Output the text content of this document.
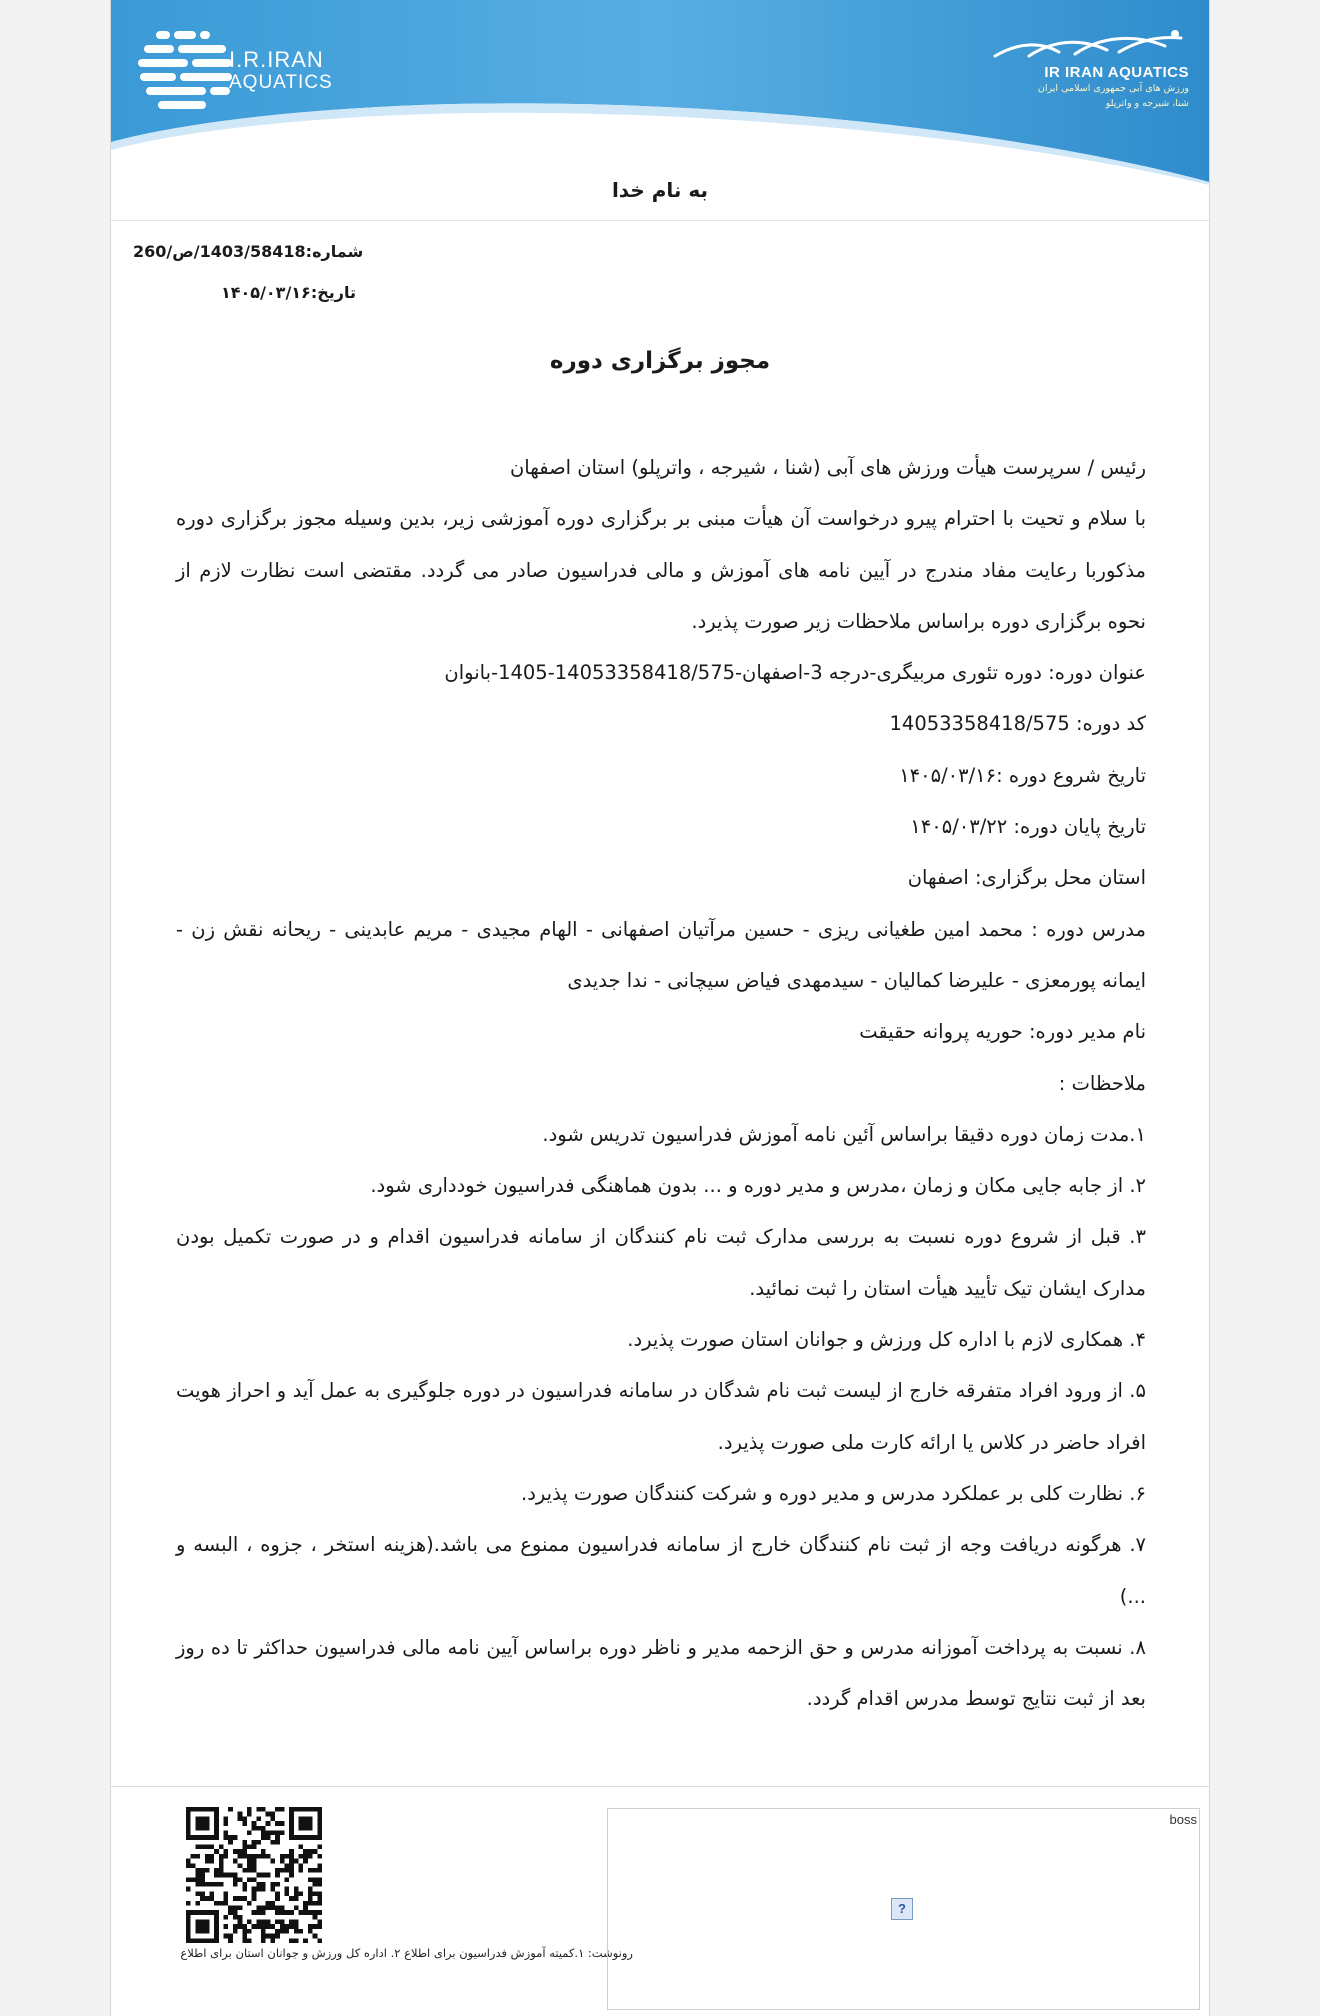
I.R.IRAN
AQUATICS	IR IRAN AQUATICS
ورزش های آبی جمهوری اسلامی ایران
شنا، شیرجه و واترپلو
به نام خدا
شماره:1403/58418/ص/260
تاریخ:۱۴۰۵/۰۳/۱۶
مجوز برگزاری دوره

رئیس / سرپرست هیأت ورزش های آبی (شنا ، شیرجه ، واترپلو) استان اصفهان

با سلام و تحیت با احترام پیرو درخواست آن هیأت مبنی بر برگزاری دوره آموزشی زیر، بدین وسیله مجوز برگزاری دوره مذکوربا رعایت مفاد مندرج در آیین نامه های آموزش و مالی فدراسیون صادر می گردد. مقتضی است نظارت لازم از نحوه برگزاری دوره براساس ملاحظات زیر صورت پذیرد.

عنوان دوره: دوره تئوری مربیگری-درجه 3-اصفهان-14053358418/575-1405-بانوان

کد دوره: 14053358418/575

تاریخ شروع دوره :۱۴۰۵/۰۳/۱۶

تاریخ پایان دوره: ۱۴۰۵/۰۳/۲۲

استان محل برگزاری: اصفهان

مدرس دوره : محمد امین طغیانی ریزی - حسین مرآتیان اصفهانی - الهام مجیدی - مریم عابدینی - ریحانه نقش زن - ایمانه پورمعزی - علیرضا کمالیان - سیدمهدی فیاض سیچانی - ندا جدیدی

نام مدیر دوره: حوریه پروانه حقیقت

ملاحظات :

۱.مدت زمان دوره دقیقا براساس آئین نامه آموزش فدراسیون تدریس شود.

۲. از جابه جایی مکان و زمان ،مدرس و مدیر دوره و ... بدون هماهنگی فدراسیون خودداری شود.

۳. قبل از شروع دوره نسبت به بررسی مدارک ثبت نام کنندگان از سامانه فدراسیون اقدام و در صورت تکمیل بودن مدارک ایشان تیک تأیید هیأت استان را ثبت نمائید.

۴. همکاری لازم با اداره کل ورزش و جوانان استان صورت پذیرد.

۵. از ورود افراد متفرقه خارج از لیست ثبت نام شدگان در سامانه فدراسیون در دوره جلوگیری به عمل آید و احراز هویت افراد حاضر در کلاس یا ارائه کارت ملی صورت پذیرد.

۶. نظارت کلی بر عملکرد مدرس و مدیر دوره و شرکت کنندگان صورت پذیرد.

۷. هرگونه دریافت وجه از ثبت نام کنندگان خارج از سامانه فدراسیون ممنوع می باشد.(هزینه استخر ، جزوه ، البسه و ...)

۸. نسبت به پرداخت آموزانه مدرس و حق الزحمه مدیر و ناظر دوره براساس آیین نامه مالی فدراسیون حداکثر تا ده روز بعد از ثبت نتایج توسط مدرس اقدام گردد.

رونوشت: ۱.کمیته آموزش فدراسیون برای اطلاع ۲. اداره کل ورزش و جوانان استان برای اطلاع
boss
?
